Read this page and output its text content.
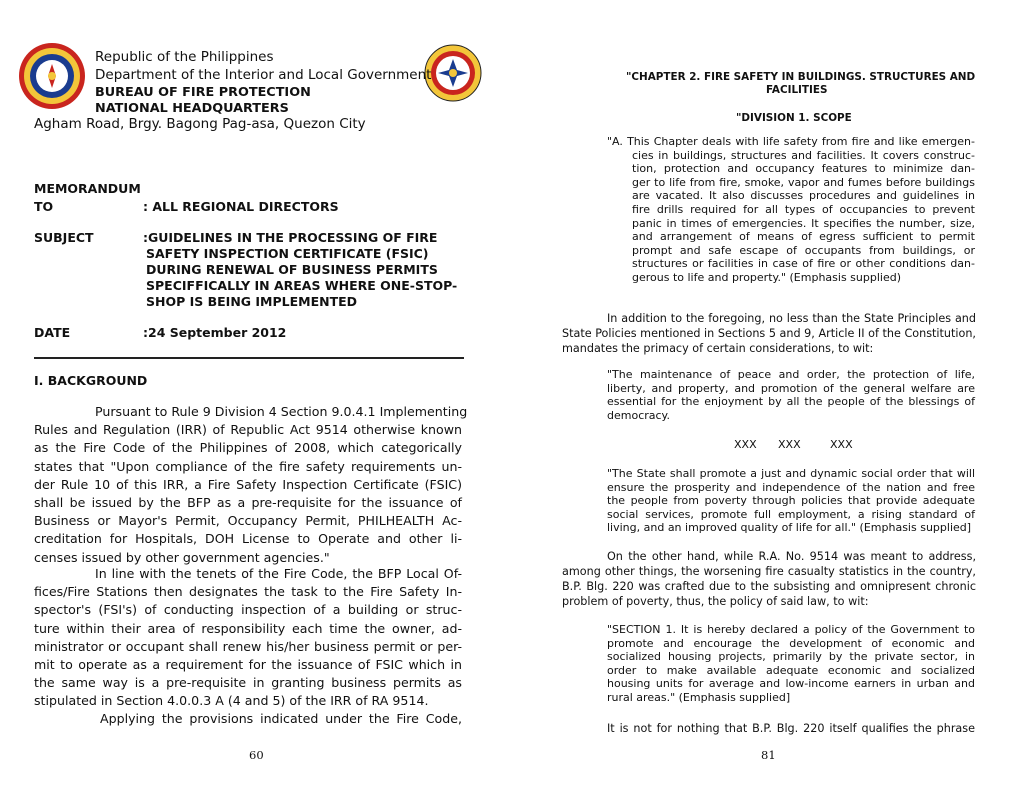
Republic of the Philippines
Department of the Interior and Local Government
BUREAU OF FIRE PROTECTION
NATIONAL HEADQUARTERS
Agham Road, Brgy. Bagong Pag-asa, Quezon City
MEMORANDUM
TO	: ALL REGIONAL DIRECTORS
SUBJECT	:GUIDELINES IN THE PROCESSING OF FIRE
SAFETY INSPECTION CERTIFICATE (FSIC)
DURING RENEWAL OF BUSINESS PERMITS
SPECIFFICALLY IN AREAS WHERE ONE-STOP-
SHOP IS BEING IMPLEMENTED
DATE	:24 September 2012
I. BACKGROUND
Pursuant to Rule 9 Division 4 Section 9.0.4.1 Implementing
Rules and Regulation (IRR) of Republic Act 9514 otherwise known
as the Fire Code of the Philippines of 2008, which categorically
states that "Upon compliance of the fire safety requirements un-
der Rule 10 of this IRR, a Fire Safety Inspection Certificate (FSIC)
shall be issued by the BFP as a pre-requisite for the issuance of
Business or Mayor's Permit, Occupancy Permit, PHILHEALTH Ac-
creditation for Hospitals, DOH License to Operate and other li-
censes issued by other government agencies."
In line with the tenets of the Fire Code, the BFP Local Of-
fices/Fire Stations then designates the task to the Fire Safety In-
spector's (FSI's) of conducting inspection of a building or struc-
ture within their area of responsibility each time the owner, ad-
ministrator or occupant shall renew his/her business permit or per-
mit to operate as a requirement for the issuance of FSIC which in
the same way is a pre-requisite in granting business permits as
stipulated in Section 4.0.0.3 A (4 and 5) of the IRR of RA 9514.
Applying the provisions indicated under the Fire Code,
60
"CHAPTER 2. FIRE SAFETY IN BUILDINGS. STRUCTURES AND
FACILITIES
"DIVISION 1. SCOPE
"A. This Chapter deals with life safety from fire and like emergen-
cies in buildings, structures and facilities. It covers construc-
tion, protection and occupancy features to minimize dan-
ger to life from fire, smoke, vapor and fumes before buildings
are vacated. It also discusses procedures and guidelines in
fire drills required for all types of occupancies to prevent
panic in times of emergencies. It specifies the number, size,
and arrangement of means of egress sufficient to permit
prompt and safe escape of occupants from buildings, or
structures or facilities in case of fire or other conditions dan-
gerous to life and property." (Emphasis supplied)
In addition to the foregoing, no less than the State Principles and
State Policies mentioned in Sections 5 and 9, Article II of the Constitution,
mandates the primacy of certain considerations, to wit:
"The maintenance of peace and order, the protection of life,
liberty, and property, and promotion of the general welfare are
essential for the enjoyment by all the people of the blessings of
democracy.
XXX XXX	XXX
"The State shall promote a just and dynamic social order that will
ensure the prosperity and independence of the nation and free
the people from poverty through policies that provide adequate
social services, promote full employment, a rising standard of
living, and an improved quality of life for all." (Emphasis supplied]
On the other hand, while R.A. No. 9514 was meant to address,
among other things, the worsening fire casualty statistics in the country,
B.P. Blg. 220 was crafted due to the subsisting and omnipresent chronic
problem of poverty, thus, the policy of said law, to wit:
"SECTION 1. It is hereby declared a policy of the Government to
promote and encourage the development of economic and
socialized housing projects, primarily by the private sector, in
order to make available adequate economic and socialized
housing units for average and low-income earners in urban and
rural areas." (Emphasis supplied]
It is not for nothing that B.P. Blg. 220 itself qualifies the phrase
81
